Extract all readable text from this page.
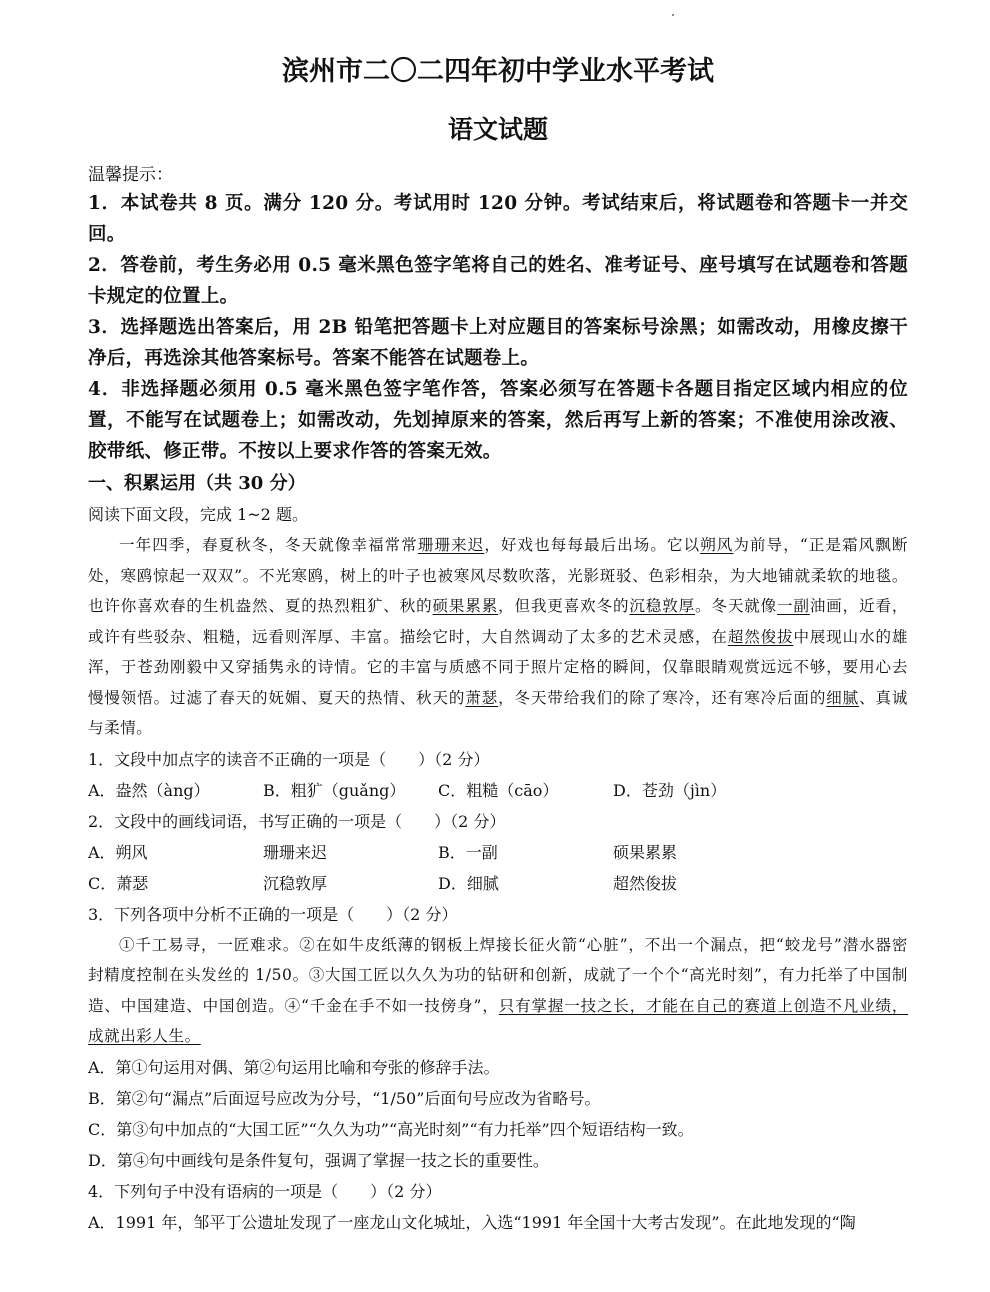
滨州市二〇二四年初中学业水平考试
语文试题
温馨提示：
1．本试卷共 8 页。满分 120 分。考试用时 120 分钟。考试结束后，将试题卷和答题卡一并交回。
2．答卷前，考生务必用 0.5 毫米黑色签字笔将自己的姓名、准考证号、座号填写在试题卷和答题卡规定的位置上。
3．选择题选出答案后，用 2B 铅笔把答题卡上对应题目的答案标号涂黑；如需改动，用橡皮擦干净后，再选涂其他答案标号。答案不能答在试题卷上。
4．非选择题必须用 0.5 毫米黑色签字笔作答，答案必须写在答题卡各题目指定区域内相应的位置，不能写在试题卷上；如需改动，先划掉原来的答案，然后再写上新的答案；不准使用涂改液、胶带纸、修正带。不按以上要求作答的答案无效。
一、积累运用（共 30 分）
阅读下面文段，完成 1~2 题。
一年四季，春夏秋冬，冬天就像幸福常常珊珊来迟，好戏也每每最后出场。它以朔风为前导，“正是霜风飘断处，寒鸥惊起一双双”。不光寒鸥，树上的叶子也被寒风尽数吹落，光影斑驳、色彩相杂，为大地铺就柔软的地毯。也许你喜欢春的生机盎然、夏的热烈粗犷、秋的硕果累累，但我更喜欢冬的沉稳敦厚。冬天就像一副油画，近看，或许有些驳杂、粗糙，远看则浑厚、丰富。描绘它时，大自然调动了太多的艺术灵感，在超然俊拔中展现山水的雄浑，于苍劲刚毅中又穿插隽永的诗情。它的丰富与质感不同于照片定格的瞬间，仅靠眼睛观赏远远不够，要用心去慢慢领悟。过滤了春天的妩媚、夏天的热情、秋天的萧瑟，冬天带给我们的除了寒冷，还有寒冷后面的细腻、真诚与柔情。
1．文段中加点字的读音不正确的一项是（　　）（2 分）
A．盎然（àng）	B．粗犷（guǎng）	C．粗糙（cāo）	D．苍劲（jìn）
2．文段中的画线词语，书写正确的一项是（　　）（2 分）
A．朔风	珊珊来迟	B．一副	硕果累累
C．萧瑟	沉稳敦厚	D．细腻	超然俊拔
3．下列各项中分析不正确的一项是（　　）（2 分）
①千工易寻，一匠难求。②在如牛皮纸薄的钢板上焊接长征火箭“心脏”，不出一个漏点，把“蛟龙号”潜水器密封精度控制在头发丝的 1/50。③大国工匠以久久为功的钻研和创新，成就了一个个“高光时刻”，有力托举了中国制造、中国建造、中国创造。④“千金在手不如一技傍身”，只有掌握一技之长，才能在自己的赛道上创造不凡业绩，成就出彩人生。
A．第①句运用对偶、第②句运用比喻和夸张的修辞手法。
B．第②句“漏点”后面逗号应改为分号，“1/50”后面句号应改为省略号。
C．第③句中加点的“大国工匠”“久久为功”“高光时刻”“有力托举”四个短语结构一致。
D．第④句中画线句是条件复句，强调了掌握一技之长的重要性。
4．下列句子中没有语病的一项是（　　）（2 分）
A．1991 年，邹平丁公遗址发现了一座龙山文化城址，入选“1991 年全国十大考古发现”。在此地发现的“陶
